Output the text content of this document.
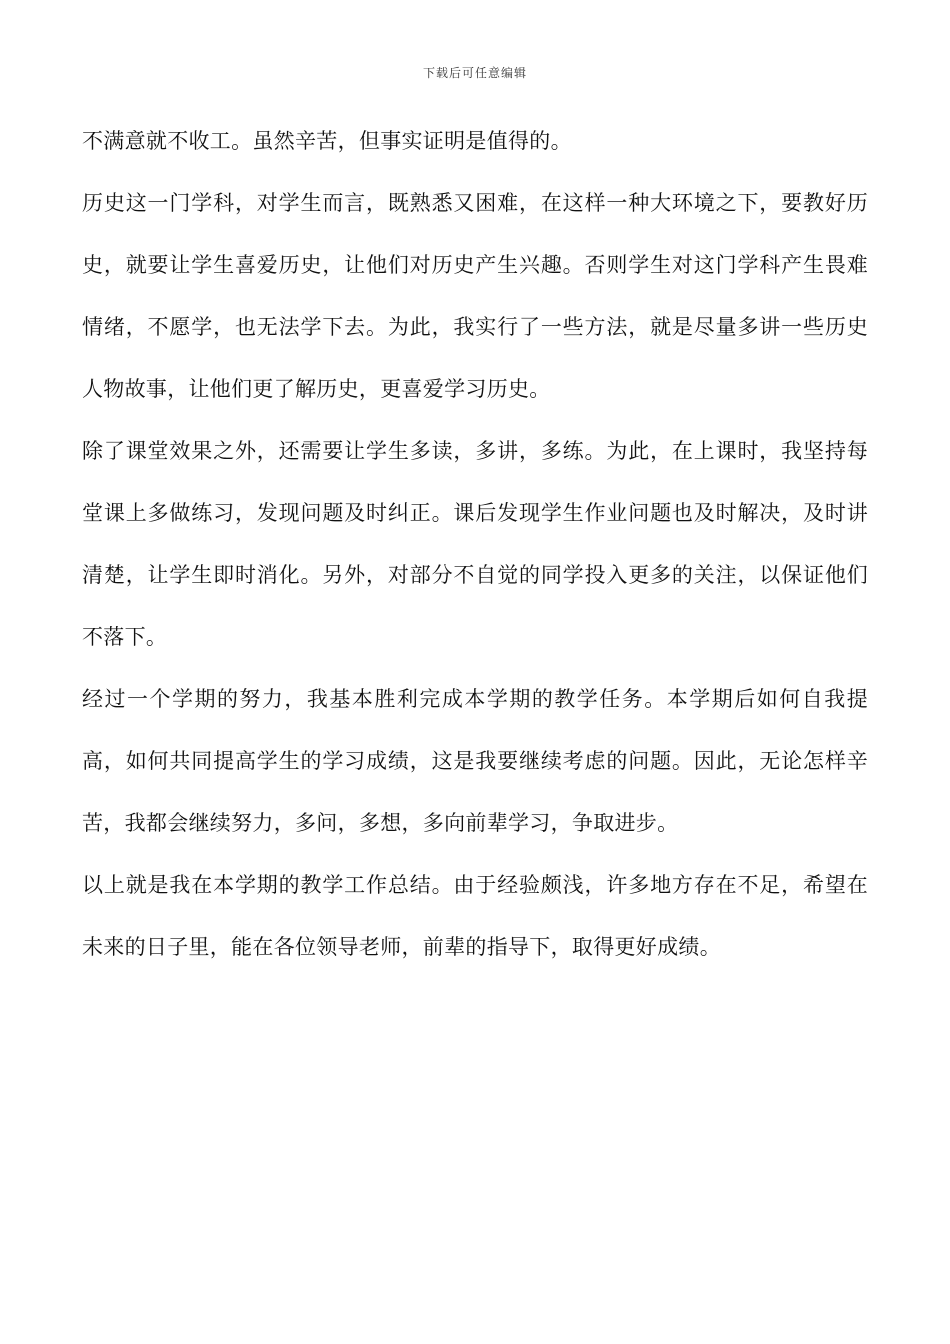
下载后可任意编辑

不满意就不收工。虽然辛苦，但事实证明是值得的。

历史这一门学科，对学生而言，既熟悉又困难，在这样一种大环境之下，要教好历史，就要让学生喜爱历史，让他们对历史产生兴趣。否则学生对这门学科产生畏难情绪，不愿学，也无法学下去。为此，我实行了一些方法，就是尽量多讲一些历史人物故事，让他们更了解历史，更喜爱学习历史。

除了课堂效果之外，还需要让学生多读，多讲，多练。为此，在上课时，我坚持每堂课上多做练习，发现问题及时纠正。课后发现学生作业问题也及时解决，及时讲清楚，让学生即时消化。另外，对部分不自觉的同学投入更多的关注，以保证他们不落下。

经过一个学期的努力，我基本胜利完成本学期的教学任务。本学期后如何自我提高，如何共同提高学生的学习成绩，这是我要继续考虑的问题。因此，无论怎样辛苦，我都会继续努力，多问，多想，多向前辈学习，争取进步。

以上就是我在本学期的教学工作总结。由于经验颇浅，许多地方存在不足，希望在未来的日子里，能在各位领导老师，前辈的指导下，取得更好成绩。
